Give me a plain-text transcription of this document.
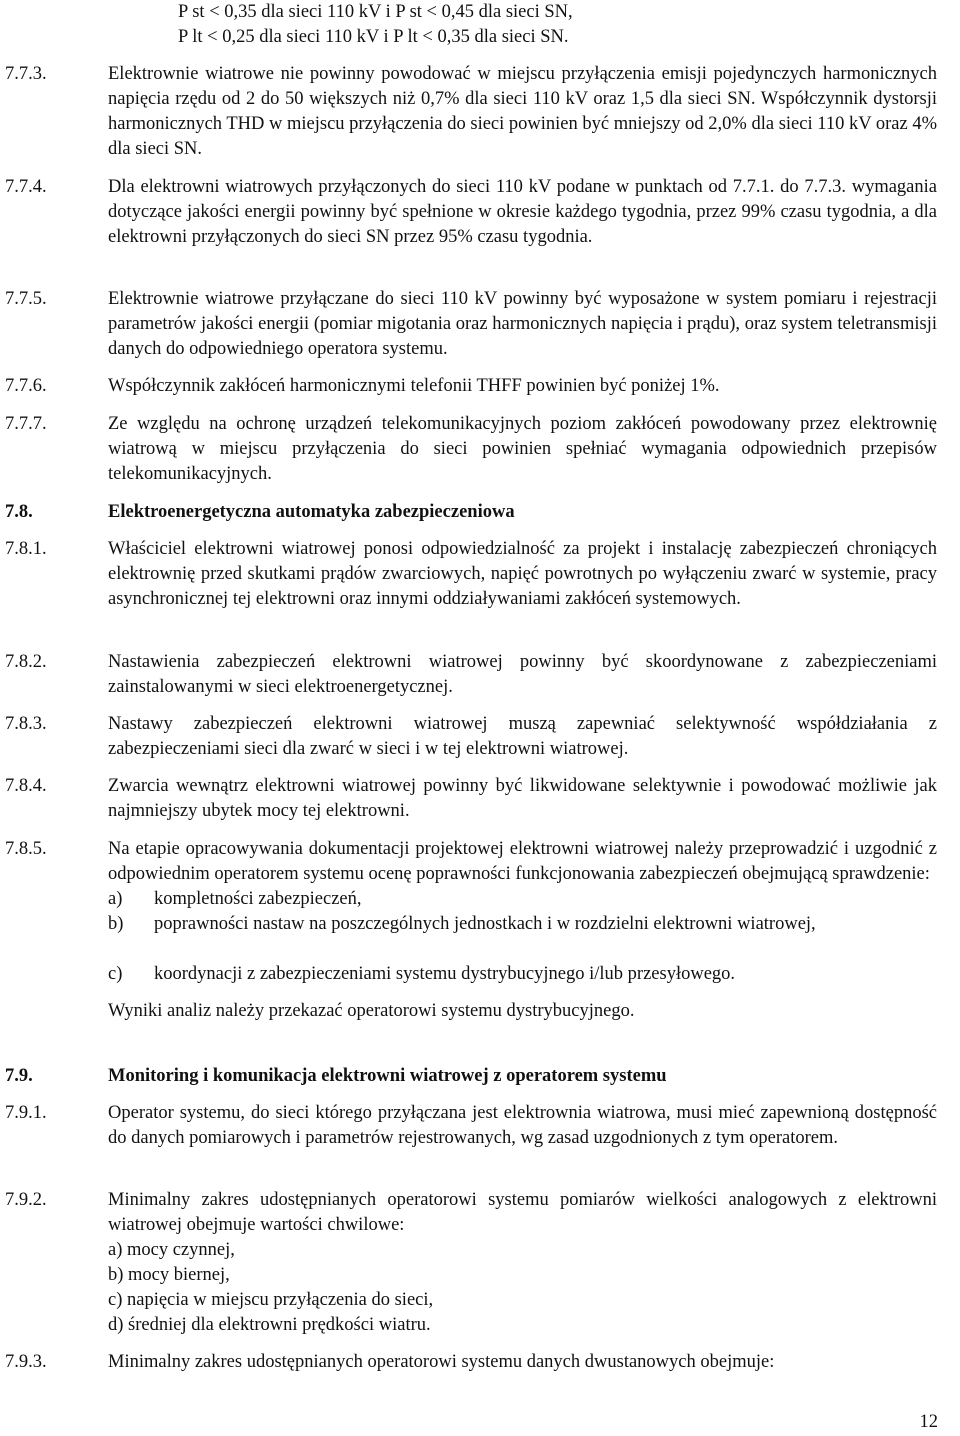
P st < 0,35 dla sieci 110 kV i P st < 0,45 dla sieci SN,
P lt < 0,25 dla sieci 110 kV i P lt < 0,35 dla sieci SN.
7.7.3.	Elektrownie wiatrowe nie powinny powodować w miejscu przyłączenia emisji pojedynczych harmonicznych napięcia rzędu od 2 do 50 większych niż 0,7% dla sieci 110 kV oraz 1,5 dla sieci SN. Współczynnik dystorsji harmonicznych THD w miejscu przyłączenia do sieci powinien być mniejszy od 2,0% dla sieci 110 kV oraz 4% dla sieci SN.
7.7.4.	Dla elektrowni wiatrowych przyłączonych do sieci 110 kV podane w punktach od 7.7.1. do 7.7.3. wymagania dotyczące jakości energii powinny być spełnione w okresie każdego tygodnia, przez 99% czasu tygodnia, a dla elektrowni przyłączonych do sieci SN przez 95% czasu tygodnia.
7.7.5.	Elektrownie wiatrowe przyłączane do sieci 110 kV powinny być wyposażone w system pomiaru i rejestracji parametrów jakości energii (pomiar migotania oraz harmonicznych napięcia i prądu), oraz system teletransmisji danych do odpowiedniego operatora systemu.
7.7.6.	Współczynnik zakłóceń harmonicznymi telefonii THFF powinien być poniżej 1%.
7.7.7.	Ze względu na ochronę urządzeń telekomunikacyjnych poziom zakłóceń powodowany przez elektrownię wiatrową w miejscu przyłączenia do sieci powinien spełniać wymagania odpowiednich przepisów telekomunikacyjnych.
7.8.	Elektroenergetyczna automatyka zabezpieczeniowa
7.8.1.	Właściciel elektrowni wiatrowej ponosi odpowiedzialność za projekt i instalację zabezpieczeń chroniących elektrownię przed skutkami prądów zwarciowych, napięć powrotnych po wyłączeniu zwarć w systemie, pracy asynchronicznej tej elektrowni oraz innymi oddziaływaniami zakłóceń systemowych.
7.8.2.	Nastawienia zabezpieczeń elektrowni wiatrowej powinny być skoordynowane z zabezpieczeniami zainstalowanymi w sieci elektroenergetycznej.
7.8.3.	Nastawy zabezpieczeń elektrowni wiatrowej muszą zapewniać selektywność współdziałania z zabezpieczeniami sieci dla zwarć w sieci i w tej elektrowni wiatrowej.
7.8.4.	Zwarcia wewnątrz elektrowni wiatrowej powinny być likwidowane selektywnie i powodować możliwie jak najmniejszy ubytek mocy tej elektrowni.
7.8.5.	Na etapie opracowywania dokumentacji projektowej elektrowni wiatrowej należy przeprowadzić i uzgodnić z odpowiednim operatorem systemu ocenę poprawności funkcjonowania zabezpieczeń obejmującą sprawdzenie:
a) kompletności zabezpieczeń,
b) poprawności nastaw na poszczególnych jednostkach i w rozdzielni elektrowni wiatrowej,
c) koordynacji z zabezpieczeniami systemu dystrybucyjnego i/lub przesyłowego.
Wyniki analiz należy przekazać operatorowi systemu dystrybucyjnego.
7.9.	Monitoring i komunikacja elektrowni wiatrowej z operatorem systemu
7.9.1.	Operator systemu, do sieci którego przyłączana jest elektrownia wiatrowa, musi mieć zapewnioną dostępność do danych pomiarowych i parametrów rejestrowanych, wg zasad uzgodnionych z tym operatorem.
7.9.2.	Minimalny zakres udostępnianych operatorowi systemu pomiarów wielkości analogowych z elektrowni wiatrowej obejmuje wartości chwilowe:
a) mocy czynnej,
b) mocy biernej,
c) napięcia w miejscu przyłączenia do sieci,
d) średniej dla elektrowni prędkości wiatru.
7.9.3.	Minimalny zakres udostępnianych operatorowi systemu danych dwustanowych obejmuje:
12
